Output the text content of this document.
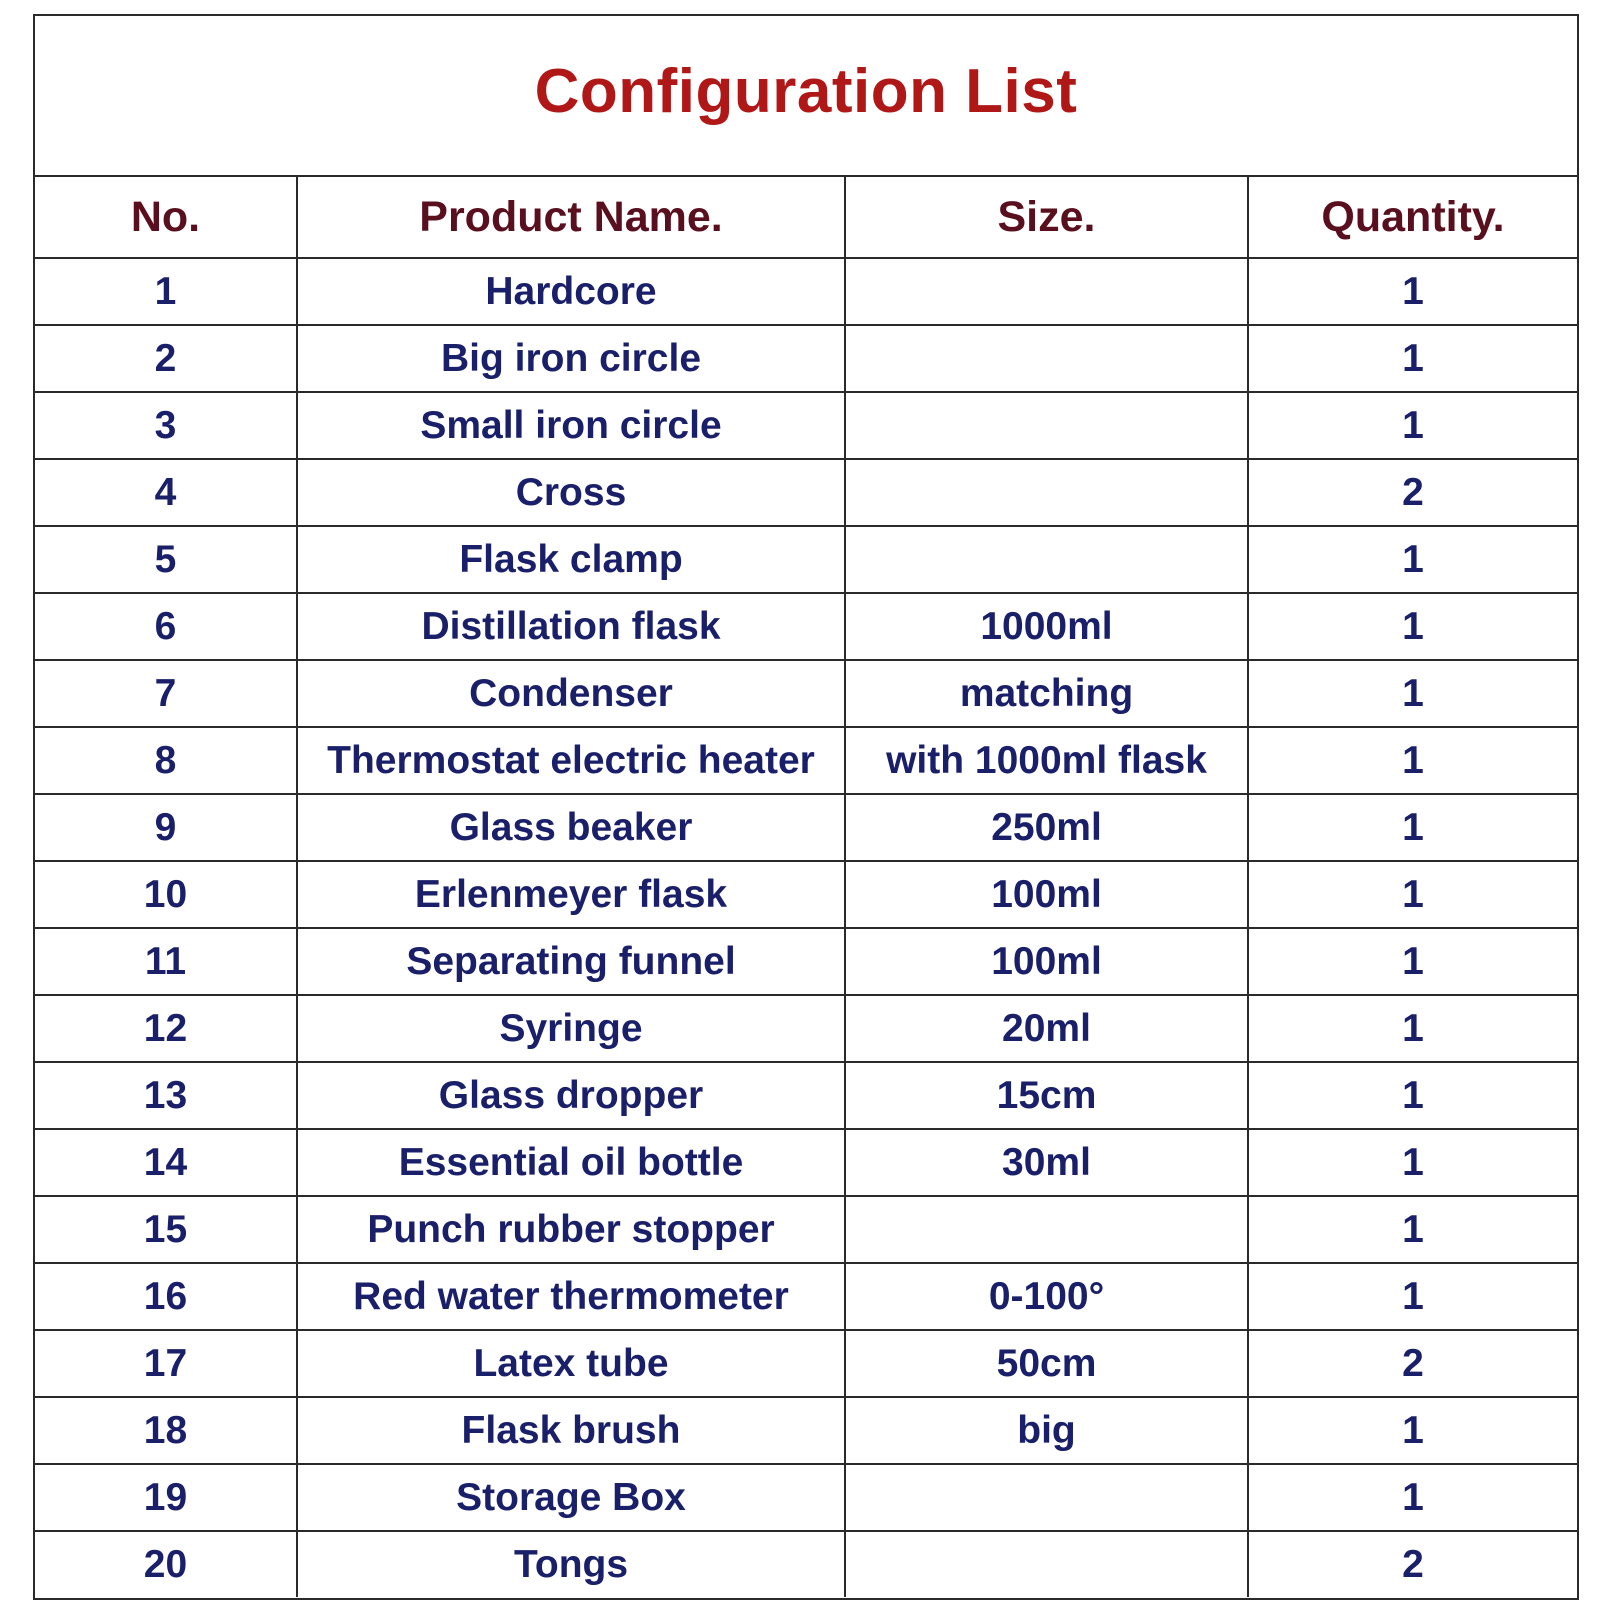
Configuration List
No.	Product Name.	Size.	Quantity.
1	Hardcore		1
2	Big iron circle		1
3	Small iron circle		1
4	Cross		2
5	Flask clamp		1
6	Distillation flask	1000ml	1
7	Condenser	matching	1
8	Thermostat electric heater	with 1000ml flask	1
9	Glass beaker	250ml	1
10	Erlenmeyer flask	100ml	1
11	Separating funnel	100ml	1
12	Syringe	20ml	1
13	Glass dropper	15cm	1
14	Essential oil bottle	30ml	1
15	Punch rubber stopper		1
16	Red water thermometer	0-100°	1
17	Latex tube	50cm	2
18	Flask brush	big	1
19	Storage Box		1
20	Tongs		2
